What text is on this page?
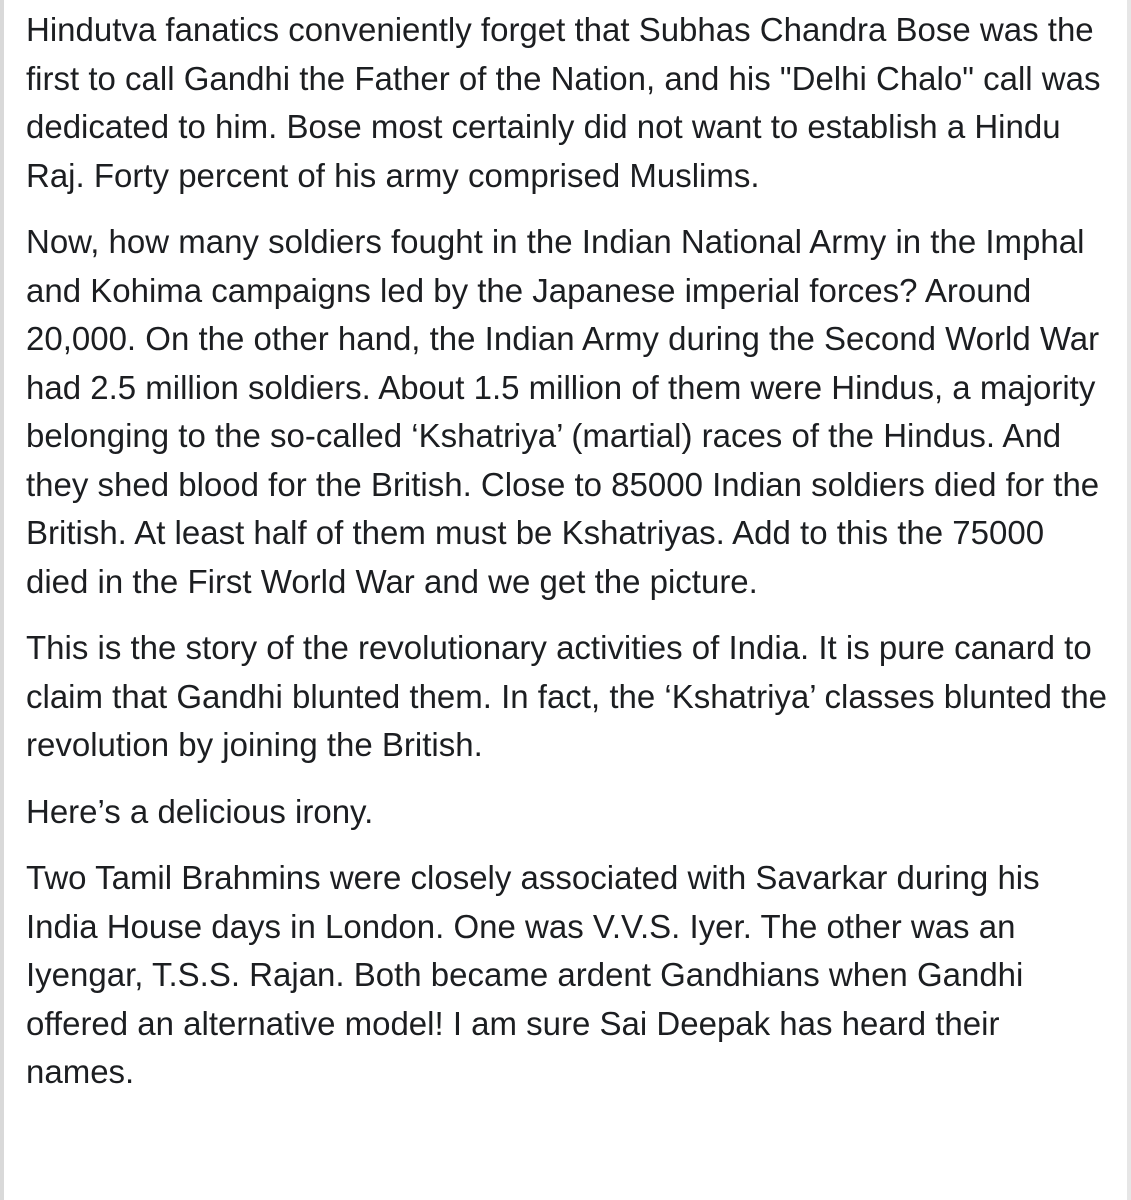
Hindutva fanatics conveniently forget that Subhas Chandra Bose was the first to call Gandhi the Father of the Nation, and his "Delhi Chalo" call was dedicated to him. Bose most certainly did not want to establish a Hindu Raj. Forty percent of his army comprised Muslims.

Now, how many soldiers fought in the Indian National Army in the Imphal and Kohima campaigns led by the Japanese imperial forces? Around 20,000. On the other hand, the Indian Army during the Second World War had 2.5 million soldiers. About 1.5 million of them were Hindus, a majority belonging to the so-called ‘Kshatriya’ (martial) races of the Hindus. And they shed blood for the British. Close to 85000 Indian soldiers died for the British. At least half of them must be Kshatriyas. Add to this the 75000 died in the First World War and we get the picture.

This is the story of the revolutionary activities of India. It is pure canard to claim that Gandhi blunted them. In fact, the ‘Kshatriya’ classes blunted the revolution by joining the British.

Here’s a delicious irony.

Two Tamil Brahmins were closely associated with Savarkar during his India House days in London. One was V.V.S. Iyer. The other was an Iyengar, T.S.S. Rajan. Both became ardent Gandhians when Gandhi offered an alternative model! I am sure Sai Deepak has heard their names.
